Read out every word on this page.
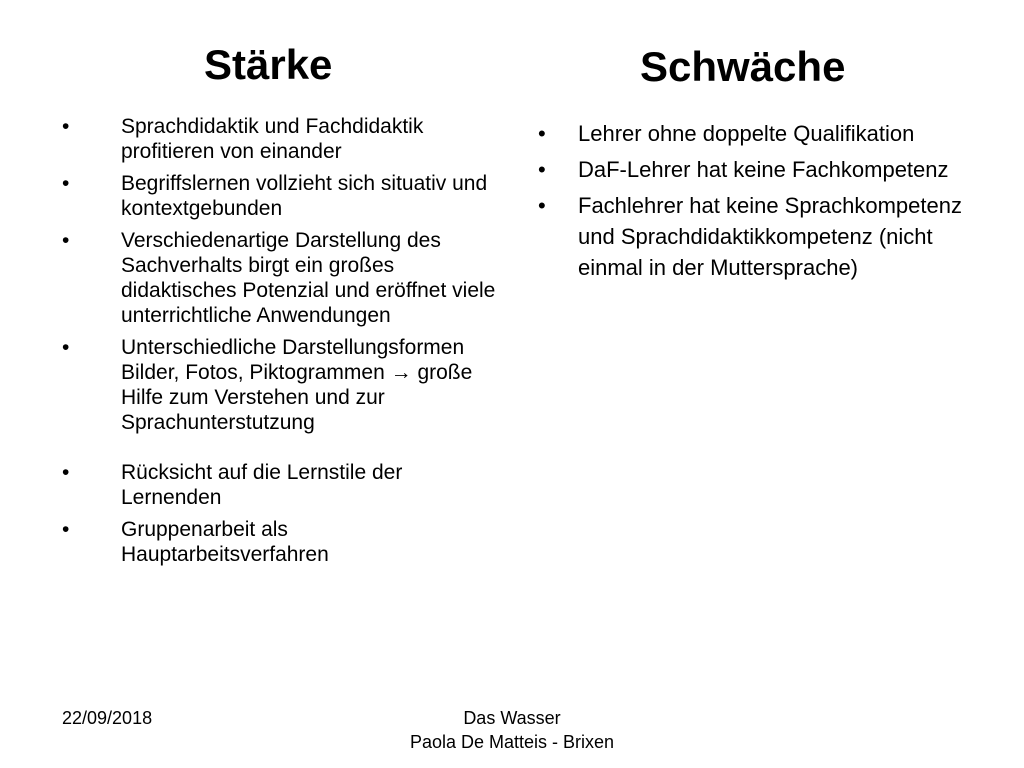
Stärke	Schwäche
• Sprachdidaktik und Fachdidaktik profitieren von einander
• Begriffslernen vollzieht sich situativ und kontextgebunden
• Verschiedenartige Darstellung des Sachverhalts birgt ein großes didaktisches Potenzial und eröffnet viele unterrichtliche Anwendungen
• Unterschiedliche Darstellungsformen Bilder, Fotos, Piktogrammen → große Hilfe zum Verstehen und zur Sprachunterstutzung
• Rücksicht auf die Lernstile der Lernenden
• Gruppenarbeit als Hauptarbeitsverfahren
• Lehrer ohne doppelte Qualifikation
• DaF-Lehrer hat keine Fachkompetenz
• Fachlehrer hat keine Sprachkompetenz und Sprachdidaktikkompetenz (nicht einmal in der Muttersprache)
22/09/2018	Das Wasser
Paola De Matteis - Brixen
